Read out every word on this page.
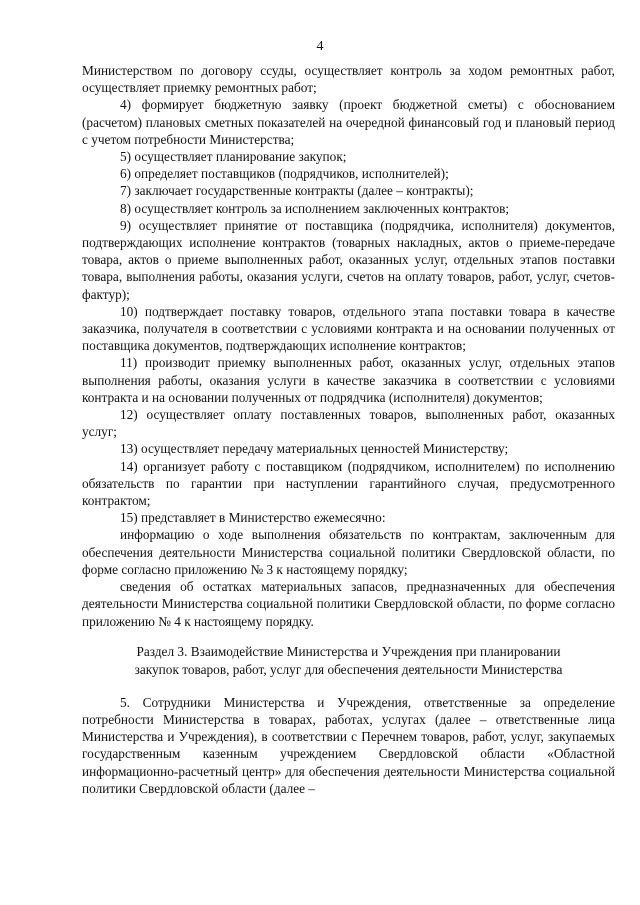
4

Министерством по договору ссуды, осуществляет контроль за ходом ремонтных работ, осуществляет приемку ремонтных работ;

4) формирует бюджетную заявку (проект бюджетной сметы) с обоснованием (расчетом) плановых сметных показателей на очередной финансовый год и плановый период с учетом потребности Министерства;

5) осуществляет планирование закупок;

6) определяет поставщиков (подрядчиков, исполнителей);

7) заключает государственные контракты (далее – контракты);

8) осуществляет контроль за исполнением заключенных контрактов;

9) осуществляет принятие от поставщика (подрядчика, исполнителя) документов, подтверждающих исполнение контрактов (товарных накладных, актов о приеме-передаче товара, актов о приеме выполненных работ, оказанных услуг, отдельных этапов поставки товара, выполнения работы, оказания услуги, счетов на оплату товаров, работ, услуг, счетов-фактур);

10) подтверждает поставку товаров, отдельного этапа поставки товара в качестве заказчика, получателя в соответствии с условиями контракта и на основании полученных от поставщика документов, подтверждающих исполнение контрактов;

11) производит приемку выполненных работ, оказанных услуг, отдельных этапов выполнения работы, оказания услуги в качестве заказчика в соответствии с условиями контракта и на основании полученных от подрядчика (исполнителя) документов;

12) осуществляет оплату поставленных товаров, выполненных работ, оказанных услуг;

13) осуществляет передачу материальных ценностей Министерству;

14) организует работу с поставщиком (подрядчиком, исполнителем) по исполнению обязательств по гарантии при наступлении гарантийного случая, предусмотренного контрактом;

15) представляет в Министерство ежемесячно:

информацию о ходе выполнения обязательств по контрактам, заключенным для обеспечения деятельности Министерства социальной политики Свердловской области, по форме согласно приложению № 3 к настоящему порядку;

сведения об остатках материальных запасов, предназначенных для обеспечения деятельности Министерства социальной политики Свердловской области, по форме согласно приложению № 4 к настоящему порядку.

Раздел 3. Взаимодействие Министерства и Учреждения при планировании
закупок товаров, работ, услуг для обеспечения деятельности Министерства

5. Сотрудники Министерства и Учреждения, ответственные за определение потребности Министерства в товарах, работах, услугах (далее – ответственные лица Министерства и Учреждения), в соответствии с Перечнем товаров, работ, услуг, закупаемых государственным казенным учреждением Свердловской области «Областной информационно-расчетный центр» для обеспечения деятельности Министерства социальной политики Свердловской области (далее –
